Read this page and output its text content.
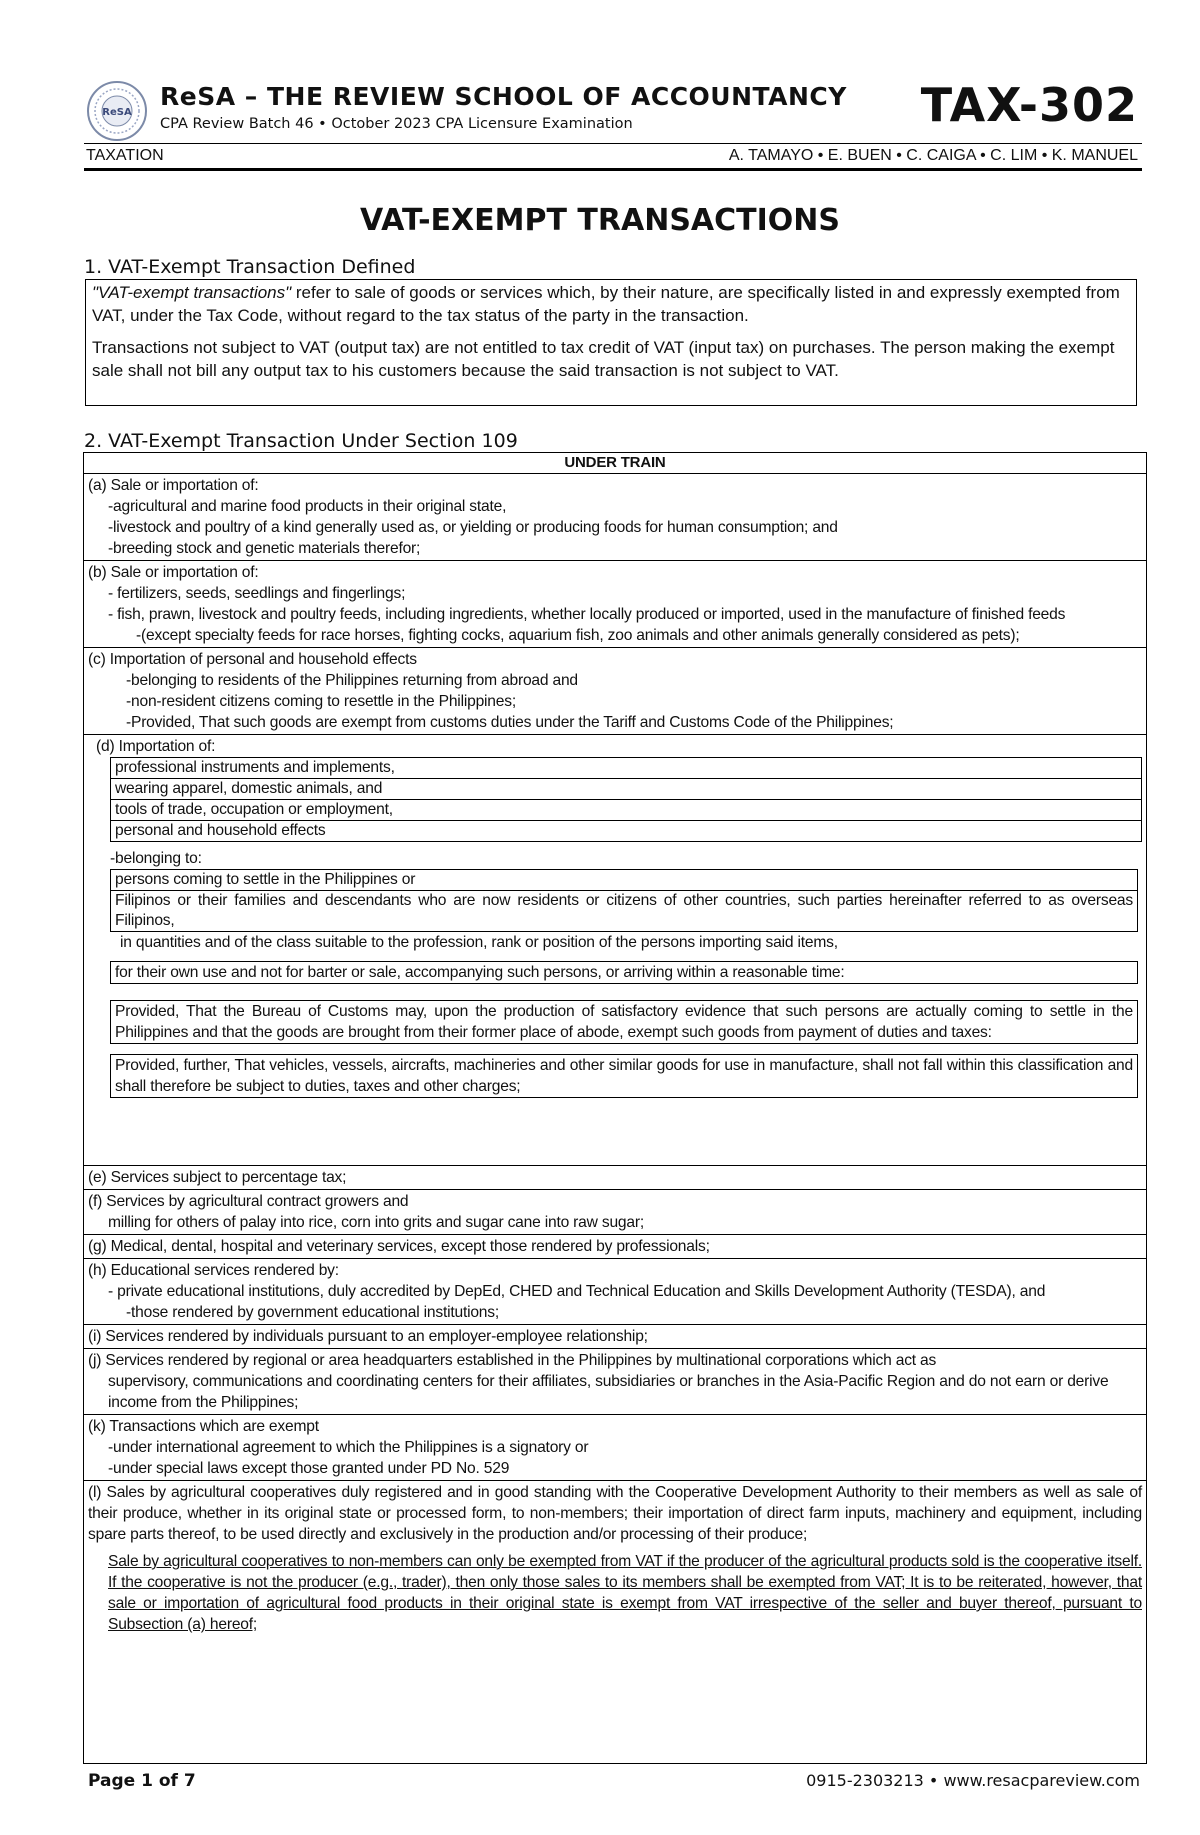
ReSA
ReSA – THE REVIEW SCHOOL OF ACCOUNTANCY
CPA Review Batch 46 • October 2023 CPA Licensure Examination	TAX-302
TAXATION	A. TAMAYO • E. BUEN • C. CAIGA • C. LIM • K. MANUEL
VAT-EXEMPT TRANSACTIONS
1. VAT-Exempt Transaction Defined

"VAT-exempt transactions" refer to sale of goods or services which, by their nature, are specifically listed in and expressly exempted from VAT, under the Tax Code, without regard to the tax status of the party in the transaction.

Transactions not subject to VAT (output tax) are not entitled to tax credit of VAT (input tax) on purchases. The person making the exempt sale shall not bill any output tax to his customers because the said transaction is not subject to VAT.

2. VAT-Exempt Transaction Under Section 109
UNDER TRAIN
(a) Sale or importation of:
-agricultural and marine food products in their original state,
-livestock and poultry of a kind generally used as, or yielding or producing foods for human consumption; and
-breeding stock and genetic materials therefor;
(b) Sale or importation of:
- fertilizers, seeds, seedlings and fingerlings;
- fish, prawn, livestock and poultry feeds, including ingredients, whether locally produced or imported, used in the manufacture of finished feeds
-(except specialty feeds for race horses, fighting cocks, aquarium fish, zoo animals and other animals generally considered as pets);
(c) Importation of personal and household effects
-belonging to residents of the Philippines returning from abroad and
-non-resident citizens coming to resettle in the Philippines;
-Provided, That such goods are exempt from customs duties under the Tariff and Customs Code of the Philippines;
(d) Importation of:
professional instruments and implements,
wearing apparel, domestic animals, and
tools of trade, occupation or employment,
personal and household effects
-belonging to:
persons coming to settle in the Philippines or
Filipinos or their families and descendants who are now residents or citizens of other countries, such parties hereinafter referred to as overseas Filipinos,
in quantities and of the class suitable to the profession, rank or position of the persons importing said items,
for their own use and not for barter or sale, accompanying such persons, or arriving within a reasonable time:
Provided, That the Bureau of Customs may, upon the production of satisfactory evidence that such persons are actually coming to settle in the Philippines and that the goods are brought from their former place of abode, exempt such goods from payment of duties and taxes:
Provided, further, That vehicles, vessels, aircrafts, machineries and other similar goods for use in manufacture, shall not fall within this classification and shall therefore be subject to duties, taxes and other charges;
(e) Services subject to percentage tax;
(f) Services by agricultural contract growers and
milling for others of palay into rice, corn into grits and sugar cane into raw sugar;
(g) Medical, dental, hospital and veterinary services, except those rendered by professionals;
(h) Educational services rendered by:
- private educational institutions, duly accredited by DepEd, CHED and Technical Education and Skills Development Authority (TESDA), and
-those rendered by government educational institutions;
(i) Services rendered by individuals pursuant to an employer-employee relationship;
(j) Services rendered by regional or area headquarters established in the Philippines by multinational corporations which act as
supervisory, communications and coordinating centers for their affiliates, subsidiaries or branches in the Asia-Pacific Region and do not earn or derive income from the Philippines;
(k) Transactions which are exempt
-under international agreement to which the Philippines is a signatory or
-under special laws except those granted under PD No. 529
(l) Sales by agricultural cooperatives duly registered and in good standing with the Cooperative Development Authority to their members as well as sale of their produce, whether in its original state or processed form, to non-members; their importation of direct farm inputs, machinery and equipment, including spare parts thereof, to be used directly and exclusively in the production and/or processing of their produce;
Sale by agricultural cooperatives to non-members can only be exempted from VAT if the producer of the agricultural products sold is the cooperative itself. If the cooperative is not the producer (e.g., trader), then only those sales to its members shall be exempted from VAT; It is to be reiterated, however, that sale or importation of agricultural food products in their original state is exempt from VAT irrespective of the seller and buyer thereof, pursuant to Subsection (a) hereof;
Page 1 of 7	0915-2303213 • www.resacpareview.com
